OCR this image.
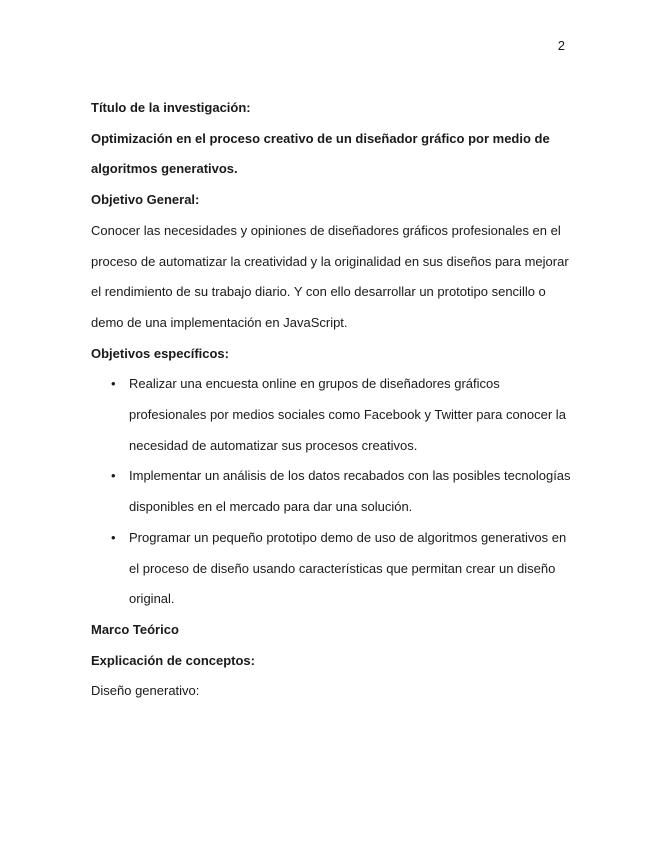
2
Título de la investigación:
Optimización en el proceso creativo de un diseñador gráfico por medio de algoritmos generativos.
Objetivo General:
Conocer las necesidades y opiniones de diseñadores gráficos profesionales en el proceso de automatizar la creatividad y la originalidad en sus diseños para mejorar el rendimiento de su trabajo diario. Y con ello desarrollar un prototipo sencillo o demo de una implementación en JavaScript.
Objetivos específicos:
• Realizar una encuesta online en grupos de diseñadores gráficos profesionales por medios sociales como Facebook y Twitter para conocer la necesidad de automatizar sus procesos creativos.
• Implementar un análisis de los datos recabados con las posibles tecnologías disponibles en el mercado para dar una solución.
• Programar un pequeño prototipo demo de uso de algoritmos generativos en el proceso de diseño usando características que permitan crear un diseño original.
Marco Teórico
Explicación de conceptos:
Diseño generativo:
